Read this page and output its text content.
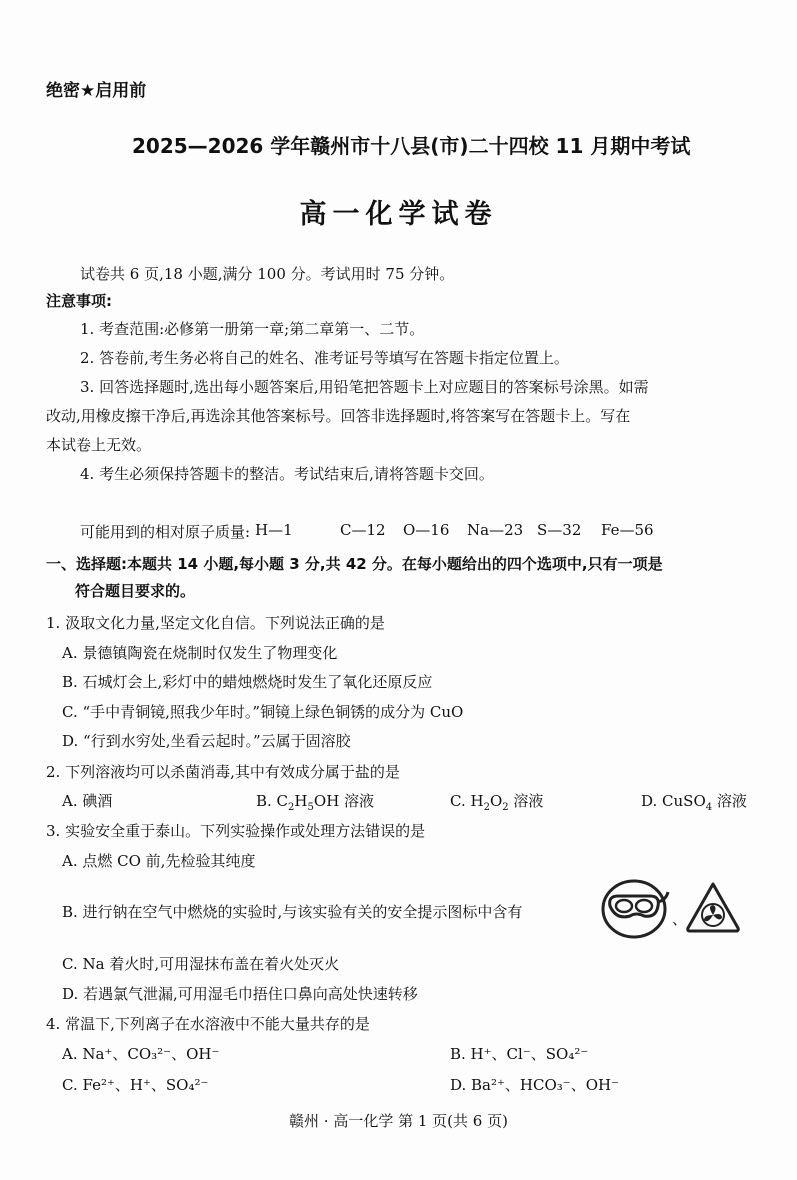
绝密★启用前
2025—2026 学年赣州市十八县(市)二十四校 11 月期中考试
高一化学试卷
试卷共 6 页,18 小题,满分 100 分。考试用时 75 分钟。
注意事项:
1. 考查范围:必修第一册第一章;第二章第一、二节。
2. 答卷前,考生务必将自己的姓名、准考证号等填写在答题卡指定位置上。
3. 回答选择题时,选出每小题答案后,用铅笔把答题卡上对应题目的答案标号涂黑。如需
改动,用橡皮擦干净后,再选涂其他答案标号。回答非选择题时,将答案写在答题卡上。写在
本试卷上无效。
4. 考生必须保持答题卡的整洁。考试结束后,请将答题卡交回。
可能用到的相对原子质量: H—1	C—12 O—16 Na—23 S—32 Fe—56
一、选择题:本题共 14 小题,每小题 3 分,共 42 分。在每小题给出的四个选项中,只有一项是
符合题目要求的。
1. 汲取文化力量,坚定文化自信。下列说法正确的是
A. 景德镇陶瓷在烧制时仅发生了物理变化
B. 石城灯会上,彩灯中的蜡烛燃烧时发生了氧化还原反应
C. “手中青铜镜,照我少年时。”铜镜上绿色铜锈的成分为 CuO
D. “行到水穷处,坐看云起时。”云属于固溶胶
2. 下列溶液均可以杀菌消毒,其中有效成分属于盐的是
A. 碘酒	B. $C_2H_5OH$ 溶液	C. $H_2O_2$ 溶液	D. CuSO$_4$ 溶液
3. 实验安全重于泰山。下列实验操作或处理方法错误的是
A. 点燃 CO 前,先检验其纯度
B. 进行钠在空气中燃烧的实验时,与该实验有关的安全提示图标中含有	、
C. Na 着火时,可用湿抹布盖在着火处灭火
D. 若遇氯气泄漏,可用湿毛巾捂住口鼻向高处快速转移
4. 常温下,下列离子在水溶液中不能大量共存的是
A. Na⁺、CO₃²⁻、OH⁻	B. H⁺、Cl⁻、SO₄²⁻
C. Fe²⁺、H⁺、SO₄²⁻	D. Ba²⁺、HCO₃⁻、OH⁻
赣州 · 高一化学 第 1 页(共 6 页)
